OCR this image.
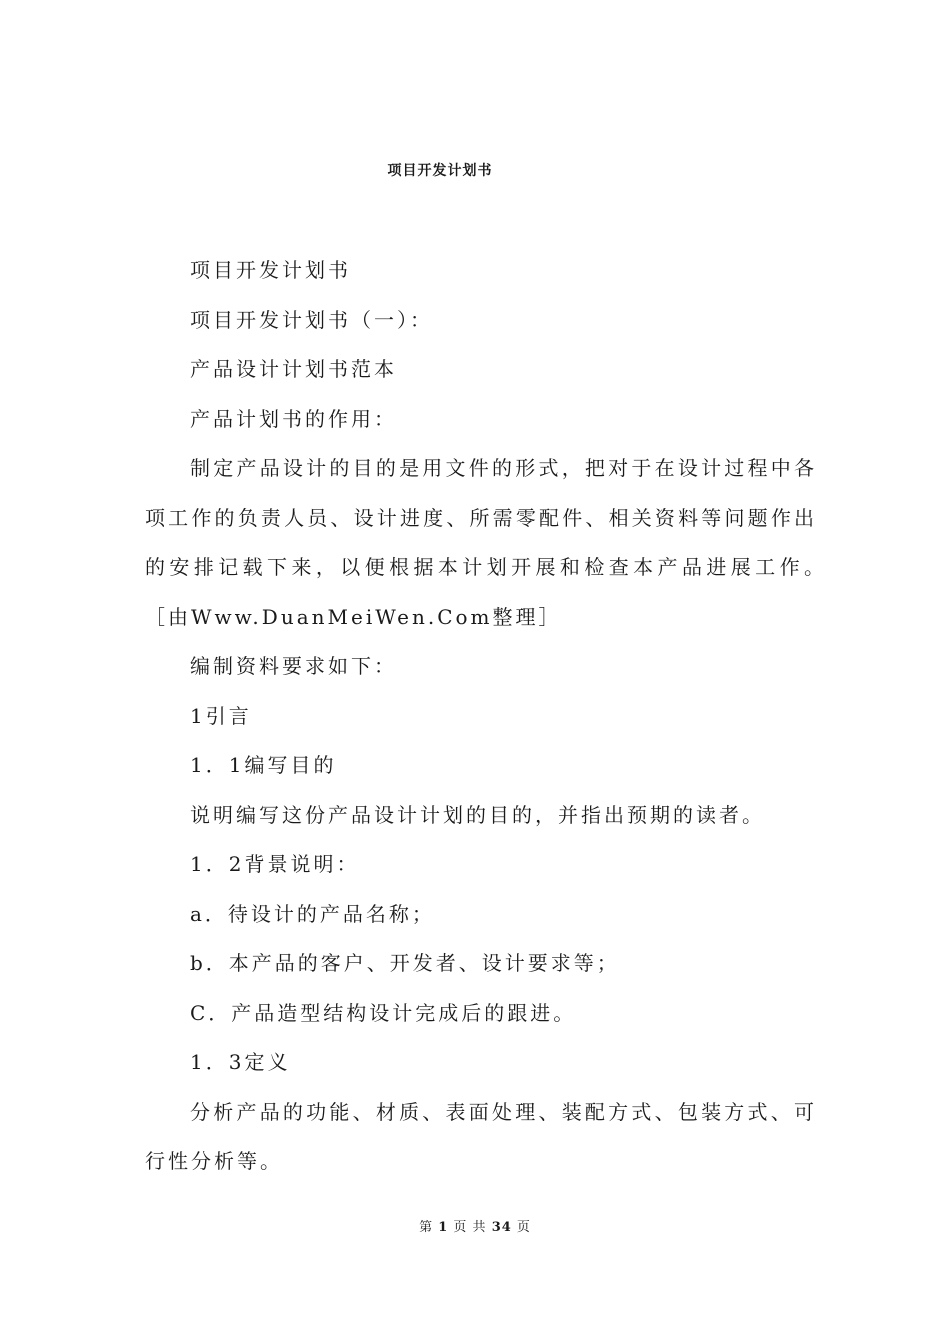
项目开发计划书

项目开发计划书

项目开发计划书（一）：

产品设计计划书范本

产品计划书的作用：

制定产品设计的目的是用文件的形式，把对于在设计过程中各项工作的负责人员、设计进度、所需零配件、相关资料等问题作出的安排记载下来，以便根据本计划开展和检查本产品进展工作。　［由Www.DuanMeiWen.Com整理］

编制资料要求如下：

1引言

1．1编写目的

说明编写这份产品设计计划的目的，并指出预期的读者。

1．2背景说明：

a．待设计的产品名称；

b．本产品的客户、开发者、设计要求等；

C．产品造型结构设计完成后的跟进。

1．3定义

分析产品的功能、材质、表面处理、装配方式、包装方式、可行性分析等。

第 1 页 共 34 页
